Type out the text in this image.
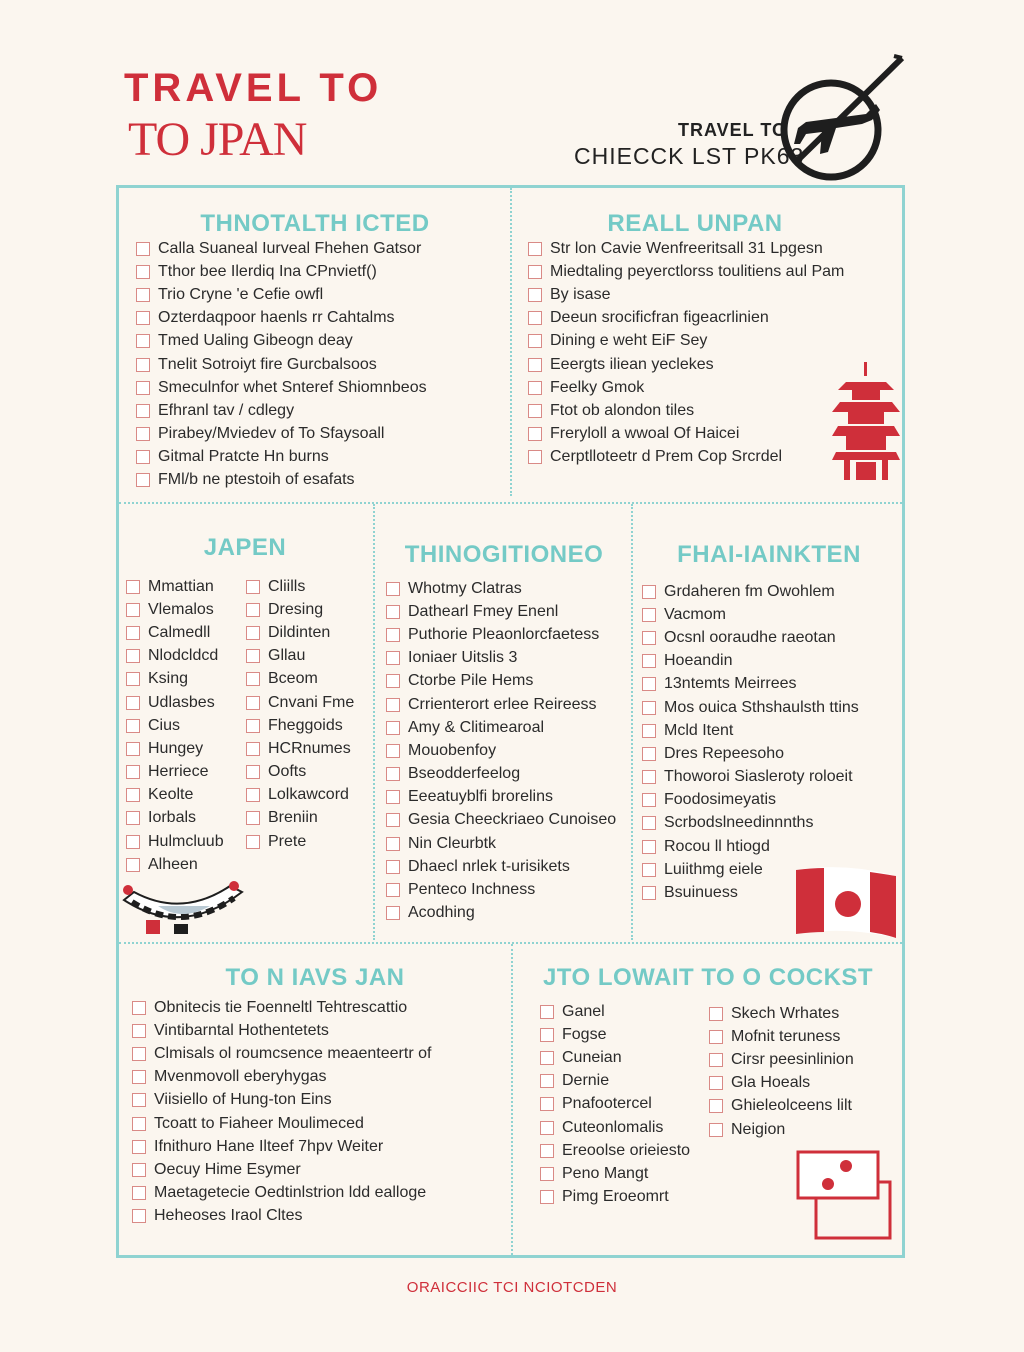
TRAVEL TO
TO JPAN	TRAVEL TO
CHIECCK LST PK63
THNOTALTH ICTED
Calla Suaneal Iurveal Fhehen Gatsor
Tthor bee Ilerdiq Ina CPnvietf()
Trio Cryne 'e Cefie owfl
Ozterdaqpoor haenls rr Cahtalms
Tmed Ualing Gibeogn deay
Tnelit Sotroiyt fire Gurcbalsoos
Smeculnfor whet Snteref Shiomnbeos
Efhranl tav / cdlegy
Pirabey/Mviedev of To Sfaysoall
Gitmal Pratcte Hn burns
FMl/b ne ptestoih of esafats
REALL UNPAN
Str lon Cavie Wenfreeritsall 31 Lpgesn
Miedtaling peyerctlorss toulitiens aul Pam
By isase
Deeun srocificfran figeacrlinien
Dining e weht EiF Sey
Eeergts iliean yeclekes
Feelky Gmok
Ftot ob alondon tiles
Freryloll a wwoal Of Haicei
Cerptlloteetr d Prem Cop Srcrdel
JAPEN
Mmattian
Vlemalos
Calmedll
Nlodcldcd
Ksing
Udlasbes
Cius
Hungey
Herriece
Keolte
Iorbals
Hulmcluub
Alheen
Cliills
Dresing
Dildinten
Gllau
Bceom
Cnvani Fme
Fheggoids
HCRnumes
Oofts
Lolkawcord
Breniin
Prete
THINOGITIONEO
Whotmy Clatras
Dathearl Fmey Enenl
Puthorie Pleaonlorcfaetess
Ioniaer Uitslis 3
Ctorbe Pile Hems
Crrienterort erlee Reireess
Amy & Clitimearoal
Mouobenfoy
Bseodderfeelog
Eeeatuyblfi brorelins
Gesia Cheeckriaeo Cunoiseo
Nin Cleurbtk
Dhaecl nrlek t-urisikets
Penteco Inchness
Acodhing
FHAI-IAINKTEN
Grdaheren fm Owohlem
Vacmom
Ocsnl ooraudhe raeotan
Hoeandin
13ntemts Meirrees
Mos ouica Sthshaulsth ttins
Mcld Itent
Dres Repeesoho
Thoworoi Siasleroty roloeit
Foodosimeyatis
Scrbodslneedinnnths
Rocou ll htiogd
Luiithmg eiele
Bsuinuess
TO N IAVS JAN
Obnitecis tie Foenneltl Tehtrescattio
Vintibarntal Hothentetets
Clmisals ol roumcsence meaenteertr of
Mvenmovoll eberyhygas
Viisiello of Hung-ton Eins
Tcoatt to Fiaheer Moulimeced
Ifnithuro Hane Ilteef 7hpv Weiter
Oecuy Hime Esymer
Maetagetecie Oedtinlstrion ldd ealloge
Heheoses Iraol Cltes
JTO LOWAIT TO O COCKST
Ganel
Fogse
Cuneian
Dernie
Pnafootercel
Cuteonlomalis
Ereoolse orieiesto
Peno Mangt
Pimg Eroeomrt
Skech Wrhates
Mofnit teruness
Cirsr peesinlinion
Gla Hoeals
Ghieleolceens lilt
Neigion
ORAICCIIC TCI NCIOTCDEN
